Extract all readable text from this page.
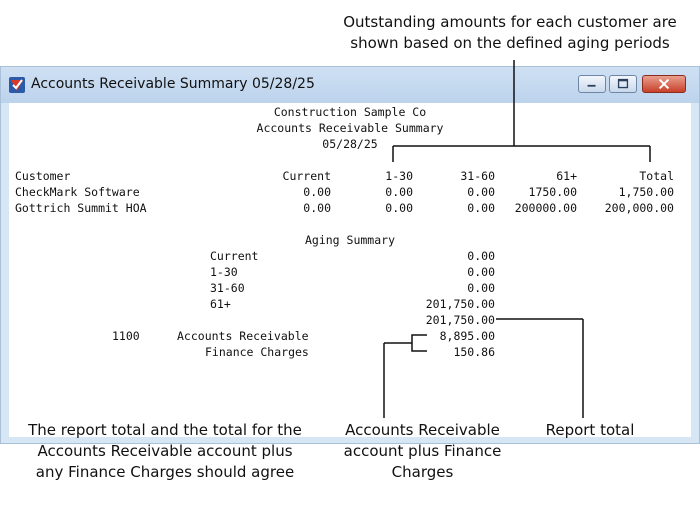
Outstanding amounts for each customer are
shown based on the defined aging periods
Accounts Receivable Summary 05/28/25
Construction Sample Co
Accounts Receivable Summary
05/28/25
Customer	Current	1-30	31-60	61+	Total
CheckMark Software	0.00	0.00	0.00	1750.00	1,750.00
Gottrich Summit HOA	0.00	0.00	0.00	200000.00	200,000.00
Aging Summary
Current	0.00
1-30	0.00
31-60	0.00
61+	201,750.00
201,750.00
1100	Accounts Receivable	8,895.00
Finance Charges	150.86
The report total and the total for the
Accounts Receivable account plus
any Finance Charges should agree
Accounts Receivable
account plus Finance
Charges
Report total
